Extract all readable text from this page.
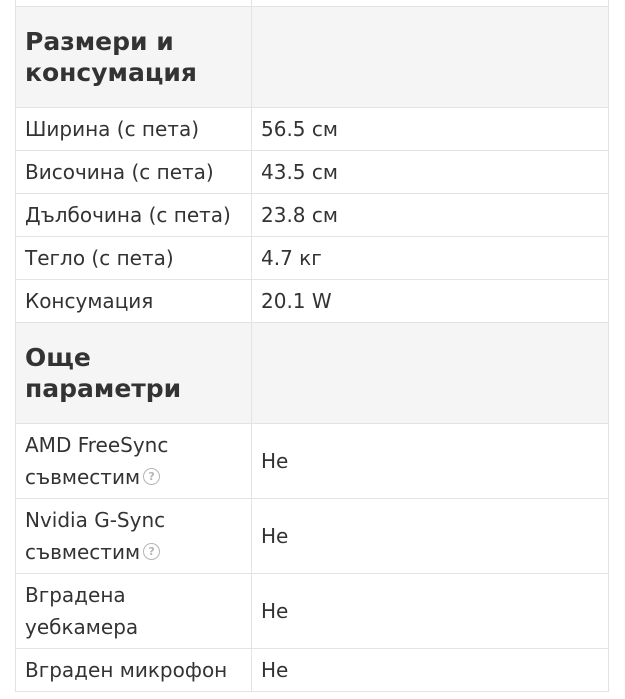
Размери и консумация	
Ширина (с пета)	56.5 см
Височина (с пета)	43.5 см
Дълбочина (с пета)	23.8 см
Тегло (с пета)	4.7 кг
Консумация	20.1 W
Още параметри	
AMD FreeSync съвместим ?	Не
Nvidia G-Sync съвместим ?	Не
Вградена уебкамера	Не
Вграден микрофон	Не
